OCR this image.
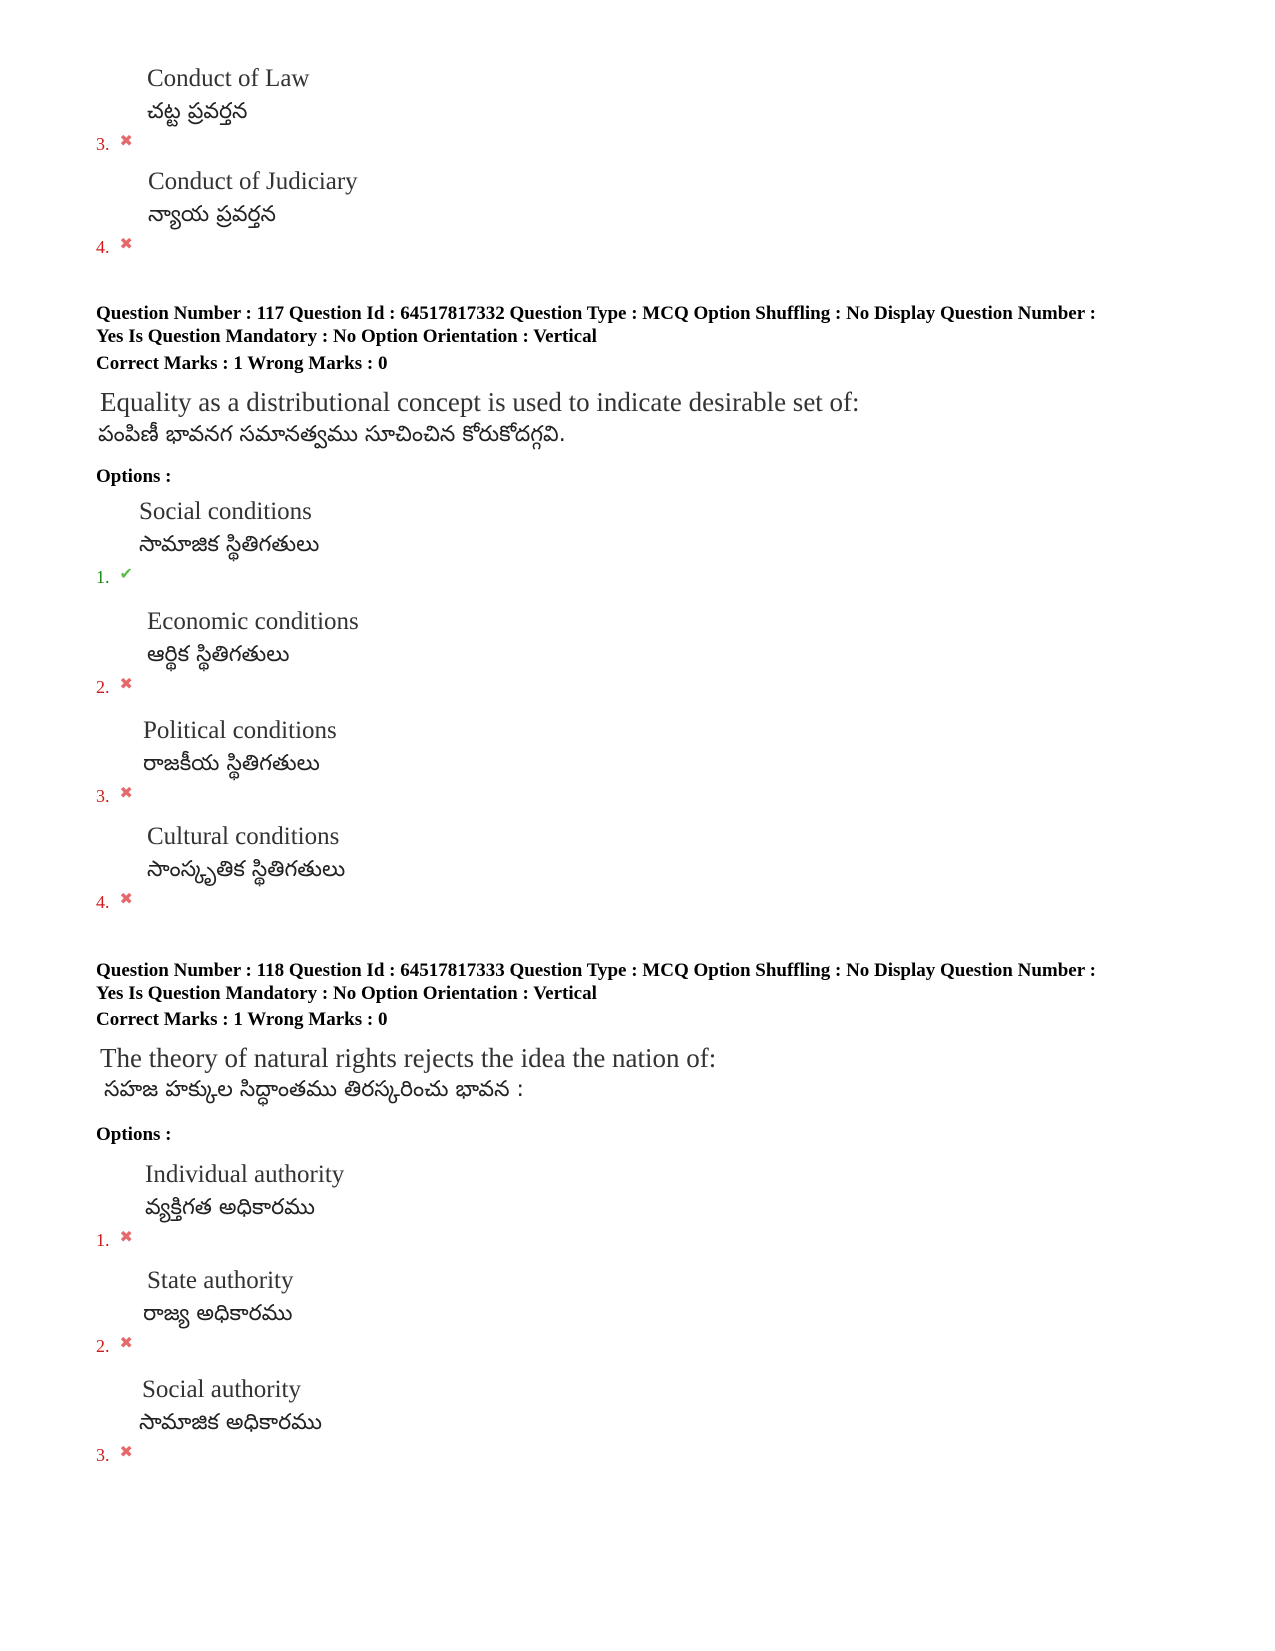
Conduct of Law
చట్ట ప్రవర్తన
3. ✖
Conduct of Judiciary
న్యాయ ప్రవర్తన
4. ✖
Question Number : 117 Question Id : 64517817332 Question Type : MCQ Option Shuffling : No Display Question Number :
Yes Is Question Mandatory : No Option Orientation : Vertical
Correct Marks : 1 Wrong Marks : 0
Equality as a distributional concept is used to indicate desirable set of:
పంపిణీ భావనగ సమానత్వము సూచించిన కోరుకోదగ్గవి.
Options :
Social conditions
సామాజిక స్థితిగతులు
1. ✔
Economic conditions
ఆర్థిక స్థితిగతులు
2. ✖
Political conditions
రాజకీయ స్థితిగతులు
3. ✖
Cultural conditions
సాంస్కృతిక స్థితిగతులు
4. ✖
Question Number : 118 Question Id : 64517817333 Question Type : MCQ Option Shuffling : No Display Question Number :
Yes Is Question Mandatory : No Option Orientation : Vertical
Correct Marks : 1 Wrong Marks : 0
The theory of natural rights rejects the idea the nation of:
సహజ హక్కుల సిద్ధాంతము తిరస్కరించు భావన :
Options :
Individual authority
వ్యక్తిగత అధికారము
1. ✖
State authority
రాజ్య అధికారము
2. ✖
Social authority
సామాజిక అధికారము
3. ✖
